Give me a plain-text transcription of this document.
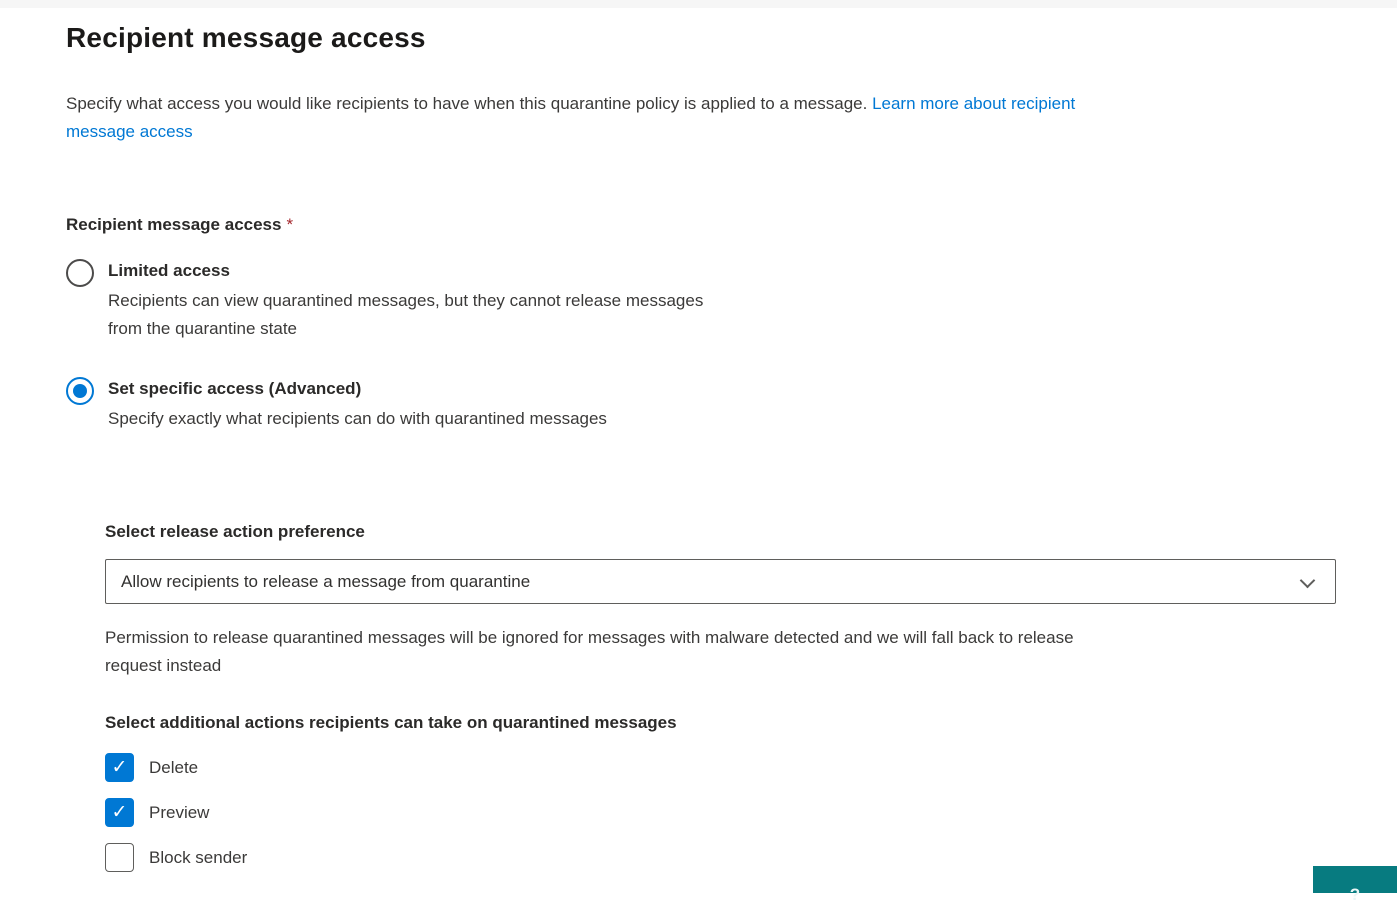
Recipient message access

Specify what access you would like recipients to have when this quarantine policy is applied to a message. Learn more about recipient
message access

Recipient message access *
Limited access
Recipients can view quarantined messages, but they cannot release messages
from the quarantine state
Set specific access (Advanced)
Specify exactly what recipients can do with quarantined messages
Select release action preference
Allow recipients to release a message from quarantine

Permission to release quarantined messages will be ignored for messages with malware detected and we will fall back to release
request instead

Select additional actions recipients can take on quarantined messages
✓ Delete
✓ Preview
Block sender
?
